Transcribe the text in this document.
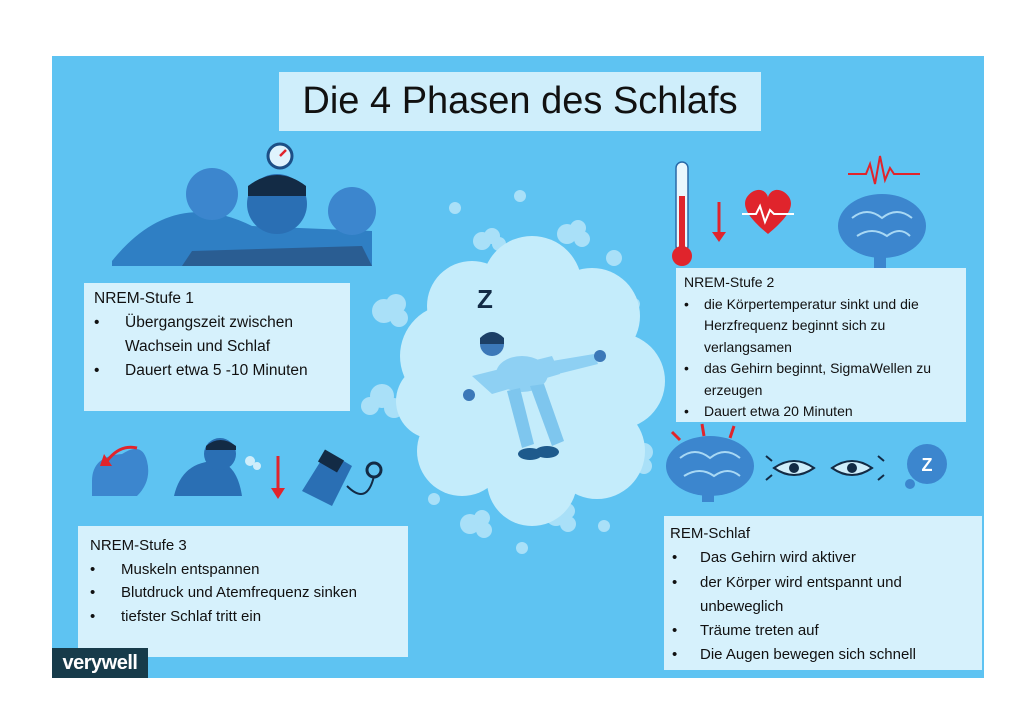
Z
Z
Die 4 Phasen des Schlafs
NREM-Stufe 1
• Übergangszeit zwischen Wachsein und Schlaf
• Dauert etwa 5 -10 Minuten
NREM-Stufe 2
• die Körpertemperatur sinkt und die Herzfrequenz beginnt sich zu verlangsamen
• das Gehirn beginnt, SigmaWellen zu erzeugen
• Dauert etwa 20 Minuten
NREM-Stufe 3
• Muskeln entspannen
• Blutdruck und Atemfrequenz sinken
• tiefster Schlaf tritt ein
REM-Schlaf
• Das Gehirn wird aktiver
• der Körper wird entspannt und unbeweglich
• Träume treten auf
• Die Augen bewegen sich schnell
verywell
